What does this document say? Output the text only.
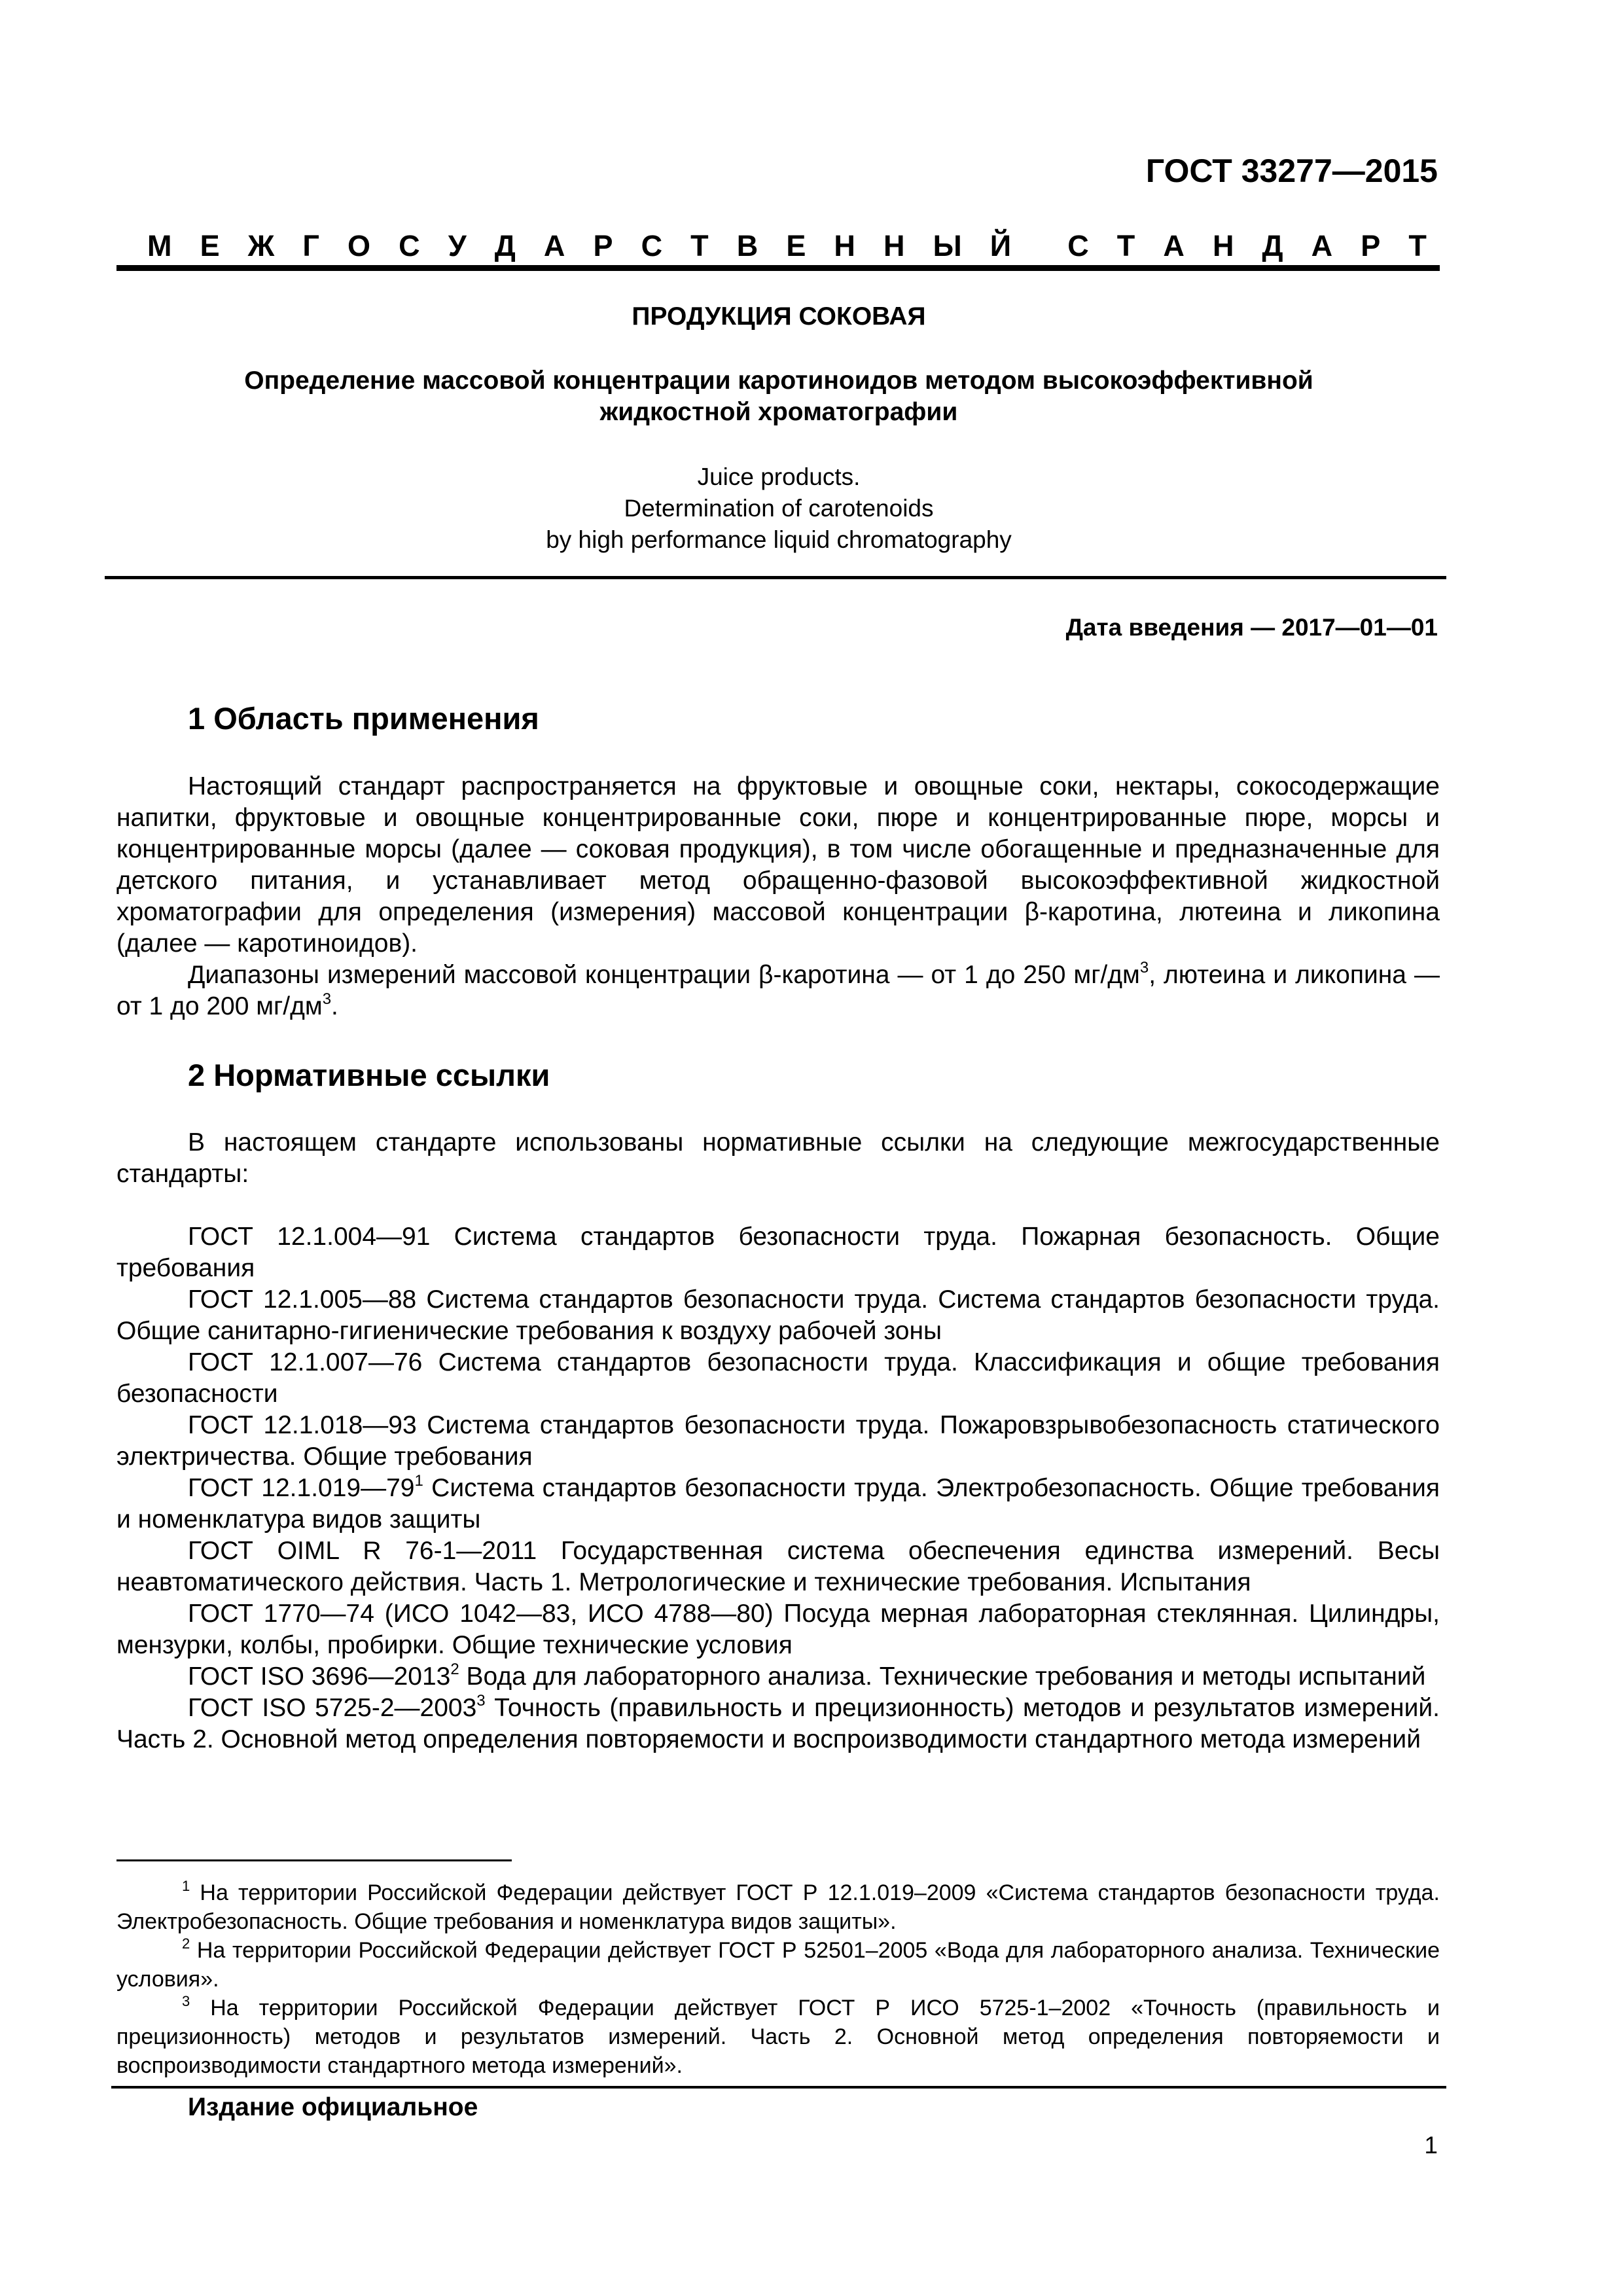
ГОСТ 33277—2015
М Е Ж Г О С У Д А Р С Т В Е Н Н Ы Й С Т А Н Д А Р Т
ПРОДУКЦИЯ СОКОВАЯ
Определение массовой концентрации каротиноидов методом высокоэффективной
жидкостной хроматографии
Juice products.
Determination of carotenoids
by high performance liquid chromatography
Дата введения — 2017—01—01
1 Область применения

Настоящий стандарт распространяется на фруктовые и овощные соки, нектары, сокосодержащие напитки, фруктовые и овощные концентрированные соки, пюре и концентрированные пюре, морсы и концентрированные морсы (далее — соковая продукция), в том числе обогащенные и предназначенные для детского питания, и устанавливает метод обращенно-фазовой высокоэффективной жидкостной хроматографии для определения (измерения) массовой концентрации β-каротина, лютеина и ликопина (далее — каротиноидов).

Диапазоны измерений массовой концентрации β-каротина — от 1 до 250 $мг/дм^3$, лютеина и ликопина — от 1 до 200 $мг/дм^3$.

2 Нормативные ссылки

В настоящем стандарте использованы нормативные ссылки на следующие межгосударственные стандарты:

ГОСТ 12.1.004—91 Система стандартов безопасности труда. Пожарная безопасность. Общие требования

ГОСТ 12.1.005—88 Система стандартов безопасности труда. Система стандартов безопасности труда. Общие санитарно-гигиенические требования к воздуху рабочей зоны

ГОСТ 12.1.007—76 Система стандартов безопасности труда. Классификация и общие требования безопасности

ГОСТ 12.1.018—93 Система стандартов безопасности труда. Пожаровзрывобезопасность статического электричества. Общие требования

ГОСТ $12.1.019—79^1$ Система стандартов безопасности труда. Электробезопасность. Общие требования и номенклатура видов защиты

ГОСТ OIML R 76-1—2011 Государственная система обеспечения единства измерений. Весы неавтоматического действия. Часть 1. Метрологические и технические требования. Испытания

ГОСТ 1770—74 (ИСО 1042—83, ИСО 4788—80) Посуда мерная лабораторная стеклянная. Цилиндры, мензурки, колбы, пробирки. Общие технические условия

ГОСТ ISO 3696—2013$^2$ Вода для лабораторного анализа. Технические требования и методы испытаний

ГОСТ ISO 5725-2—2003$^3$ Точность (правильность и прецизионность) методов и результатов измерений. Часть 2. Основной метод определения повторяемости и воспроизводимости стандартного метода измерений

$^1$ На территории Российской Федерации действует ГОСТ Р 12.1.019–2009 «Система стандартов безопасности труда. Электробезопасность. Общие требования и номенклатура видов защиты».

$^2$ На территории Российской Федерации действует ГОСТ Р 52501–2005 «Вода для лабораторного анализа. Технические условия».

$^3$ На территории Российской Федерации действует ГОСТ Р ИСО 5725-1–2002 «Точность (правильность и прецизионность) методов и результатов измерений. Часть 2. Основной метод определения повторяемости и воспроизводимости стандартного метода измерений».

Издание официальное
1
